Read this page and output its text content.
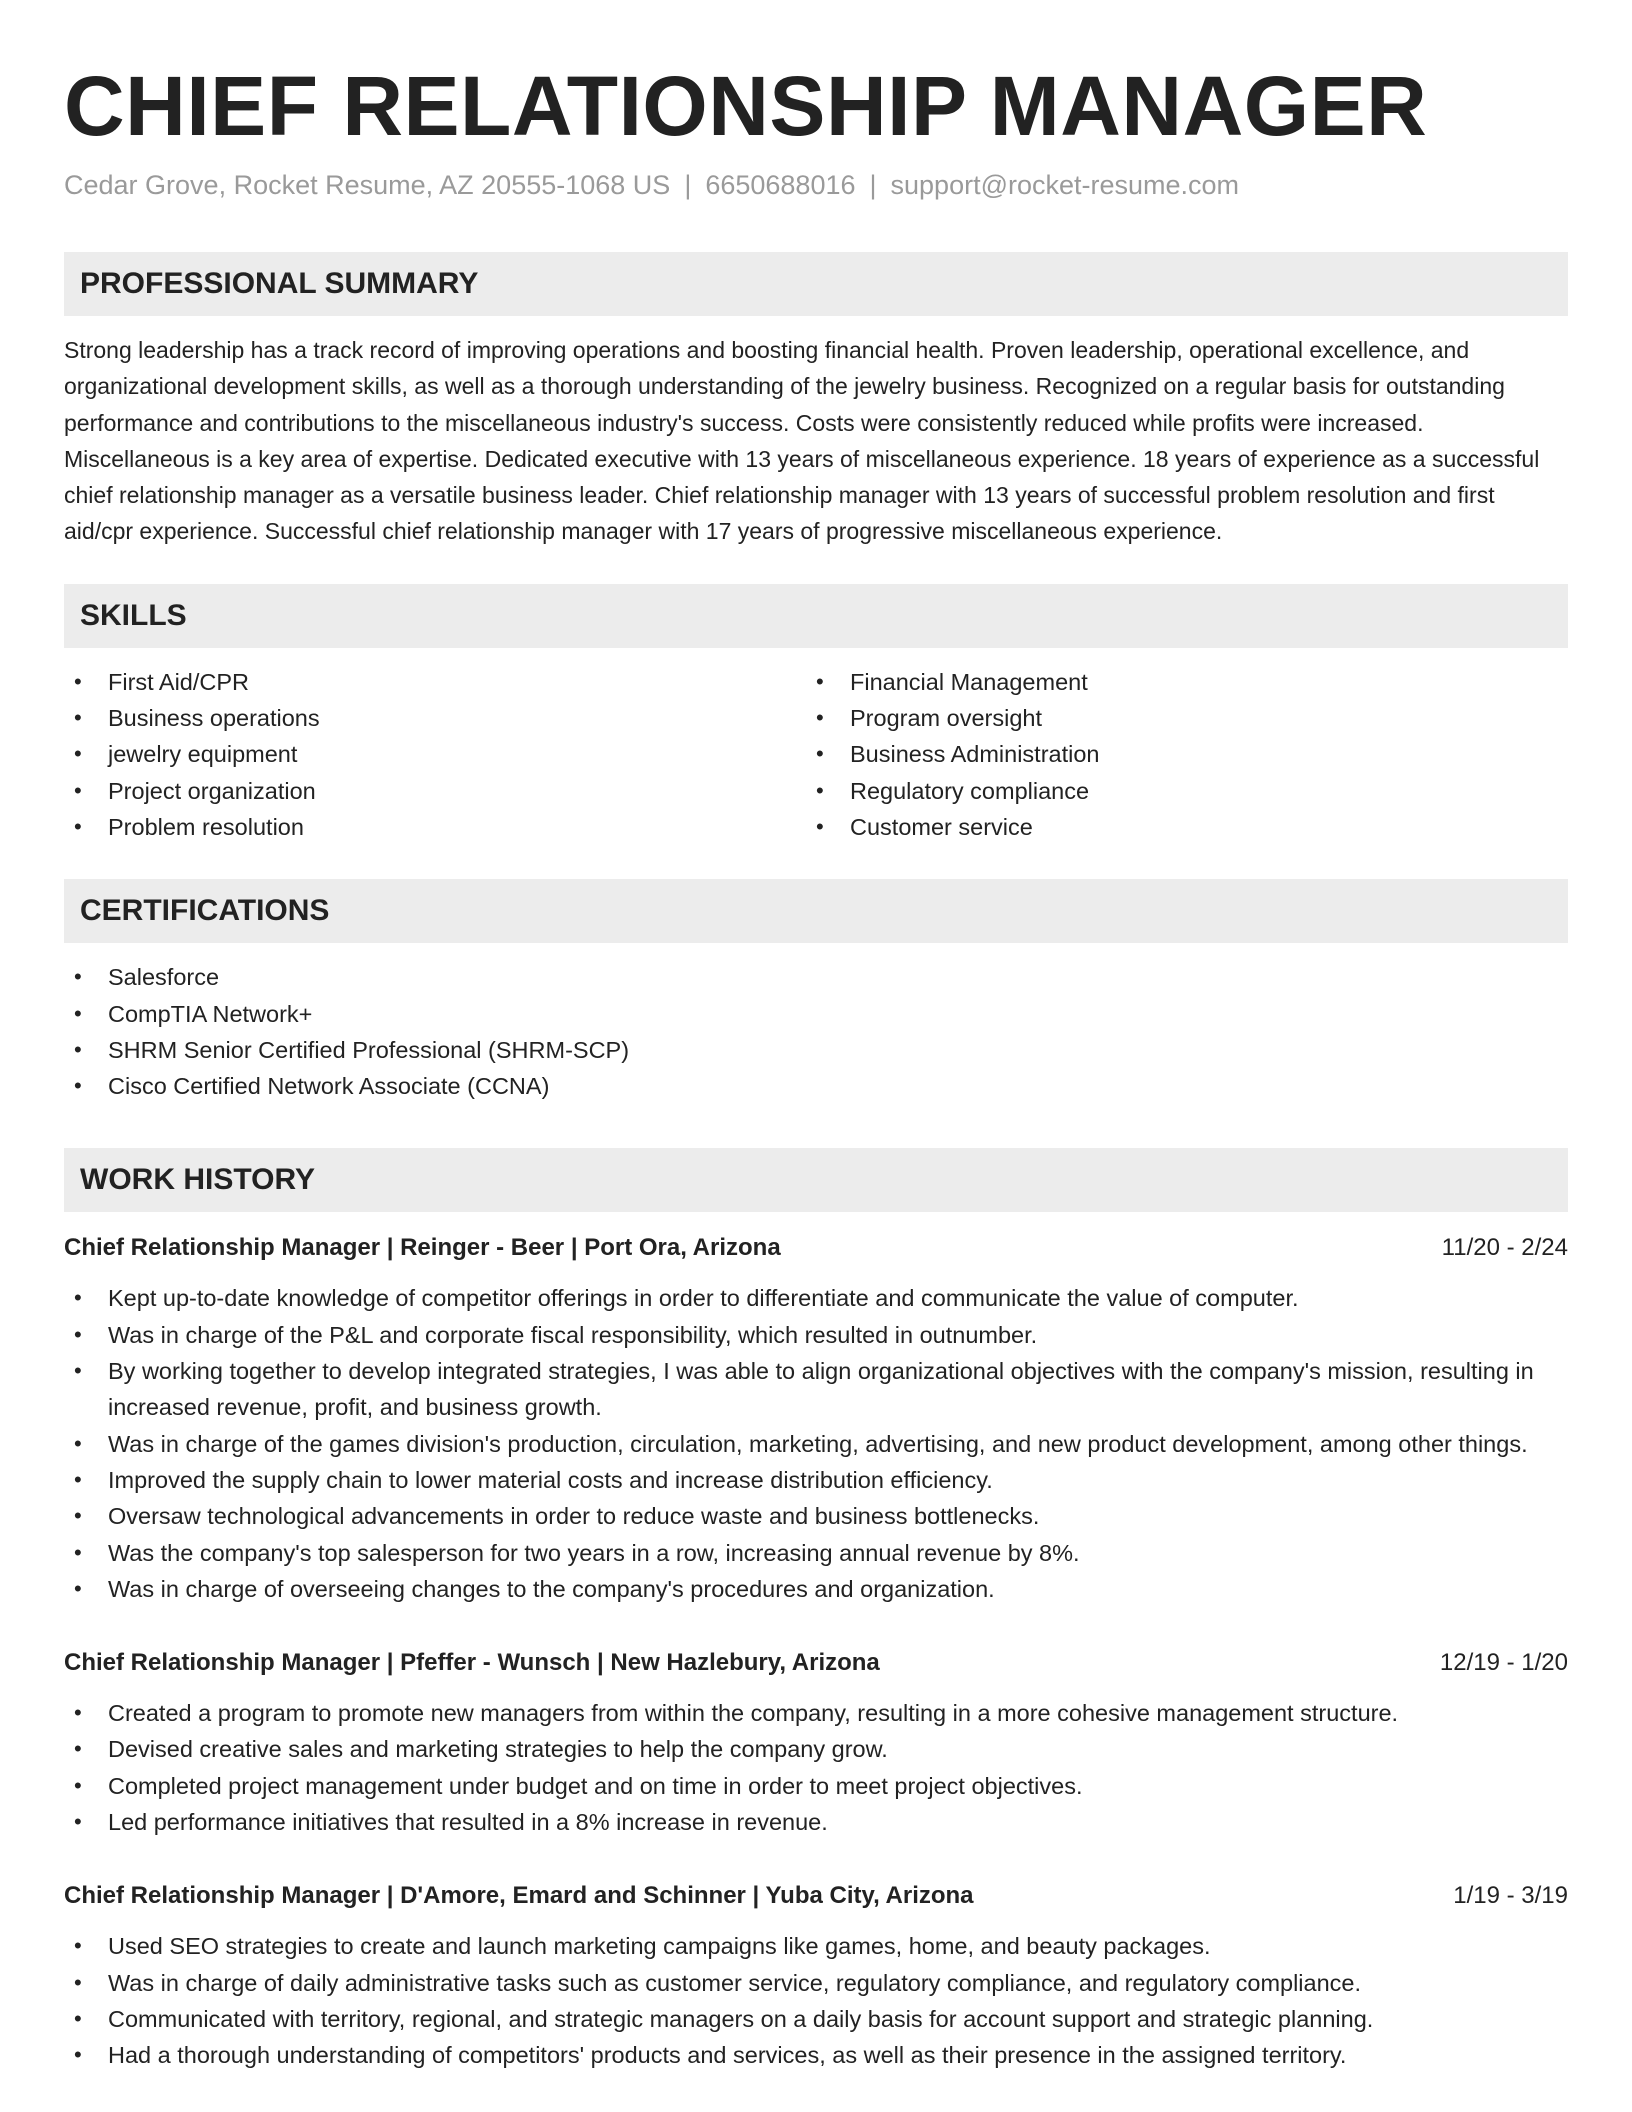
CHIEF RELATIONSHIP MANAGER
Cedar Grove, Rocket Resume, AZ 20555-1068 US | 6650688016 | support@rocket-resume.com
PROFESSIONAL SUMMARY
Strong leadership has a track record of improving operations and boosting financial health. Proven leadership, operational excellence, and organizational development skills, as well as a thorough understanding of the jewelry business. Recognized on a regular basis for outstanding performance and contributions to the miscellaneous industry's success. Costs were consistently reduced while profits were increased. Miscellaneous is a key area of expertise. Dedicated executive with 13 years of miscellaneous experience. 18 years of experience as a successful chief relationship manager as a versatile business leader. Chief relationship manager with 13 years of successful problem resolution and first aid/cpr experience. Successful chief relationship manager with 17 years of progressive miscellaneous experience.
SKILLS
• First Aid/CPR
• Business operations
• jewelry equipment
• Project organization
• Problem resolution
• Financial Management
• Program oversight
• Business Administration
• Regulatory compliance
• Customer service
CERTIFICATIONS
• Salesforce
• CompTIA Network+
• SHRM Senior Certified Professional (SHRM-SCP)
• Cisco Certified Network Associate (CCNA)
WORK HISTORY
Chief Relationship Manager | Reinger - Beer | Port Ora, Arizona	11/20 - 2/24
• Kept up-to-date knowledge of competitor offerings in order to differentiate and communicate the value of computer.
• Was in charge of the P&L and corporate fiscal responsibility, which resulted in outnumber.
• By working together to develop integrated strategies, I was able to align organizational objectives with the company's mission, resulting in increased revenue, profit, and business growth.
• Was in charge of the games division's production, circulation, marketing, advertising, and new product development, among other things.
• Improved the supply chain to lower material costs and increase distribution efficiency.
• Oversaw technological advancements in order to reduce waste and business bottlenecks.
• Was the company's top salesperson for two years in a row, increasing annual revenue by 8%.
• Was in charge of overseeing changes to the company's procedures and organization.
Chief Relationship Manager | Pfeffer - Wunsch | New Hazlebury, Arizona	12/19 - 1/20
• Created a program to promote new managers from within the company, resulting in a more cohesive management structure.
• Devised creative sales and marketing strategies to help the company grow.
• Completed project management under budget and on time in order to meet project objectives.
• Led performance initiatives that resulted in a 8% increase in revenue.
Chief Relationship Manager | D'Amore, Emard and Schinner | Yuba City, Arizona	1/19 - 3/19
• Used SEO strategies to create and launch marketing campaigns like games, home, and beauty packages.
• Was in charge of daily administrative tasks such as customer service, regulatory compliance, and regulatory compliance.
• Communicated with territory, regional, and strategic managers on a daily basis for account support and strategic planning.
• Had a thorough understanding of competitors' products and services, as well as their presence in the assigned territory.
